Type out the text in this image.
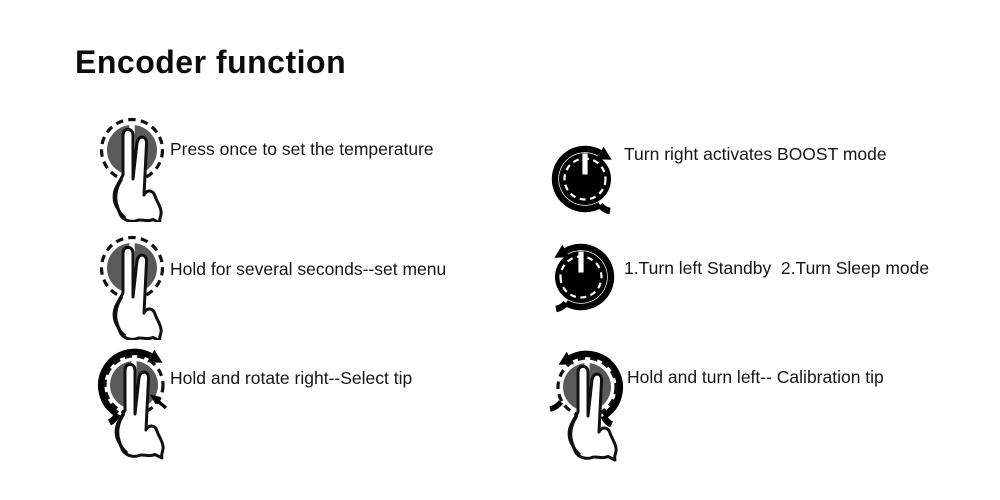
Encoder function
Press once to set the temperature
Hold for several seconds--set menu
Hold and rotate right--Select tip
Turn right activates BOOST mode
1.Turn left Standby  2.Turn Sleep mode
Hold and turn left-- Calibration tip
